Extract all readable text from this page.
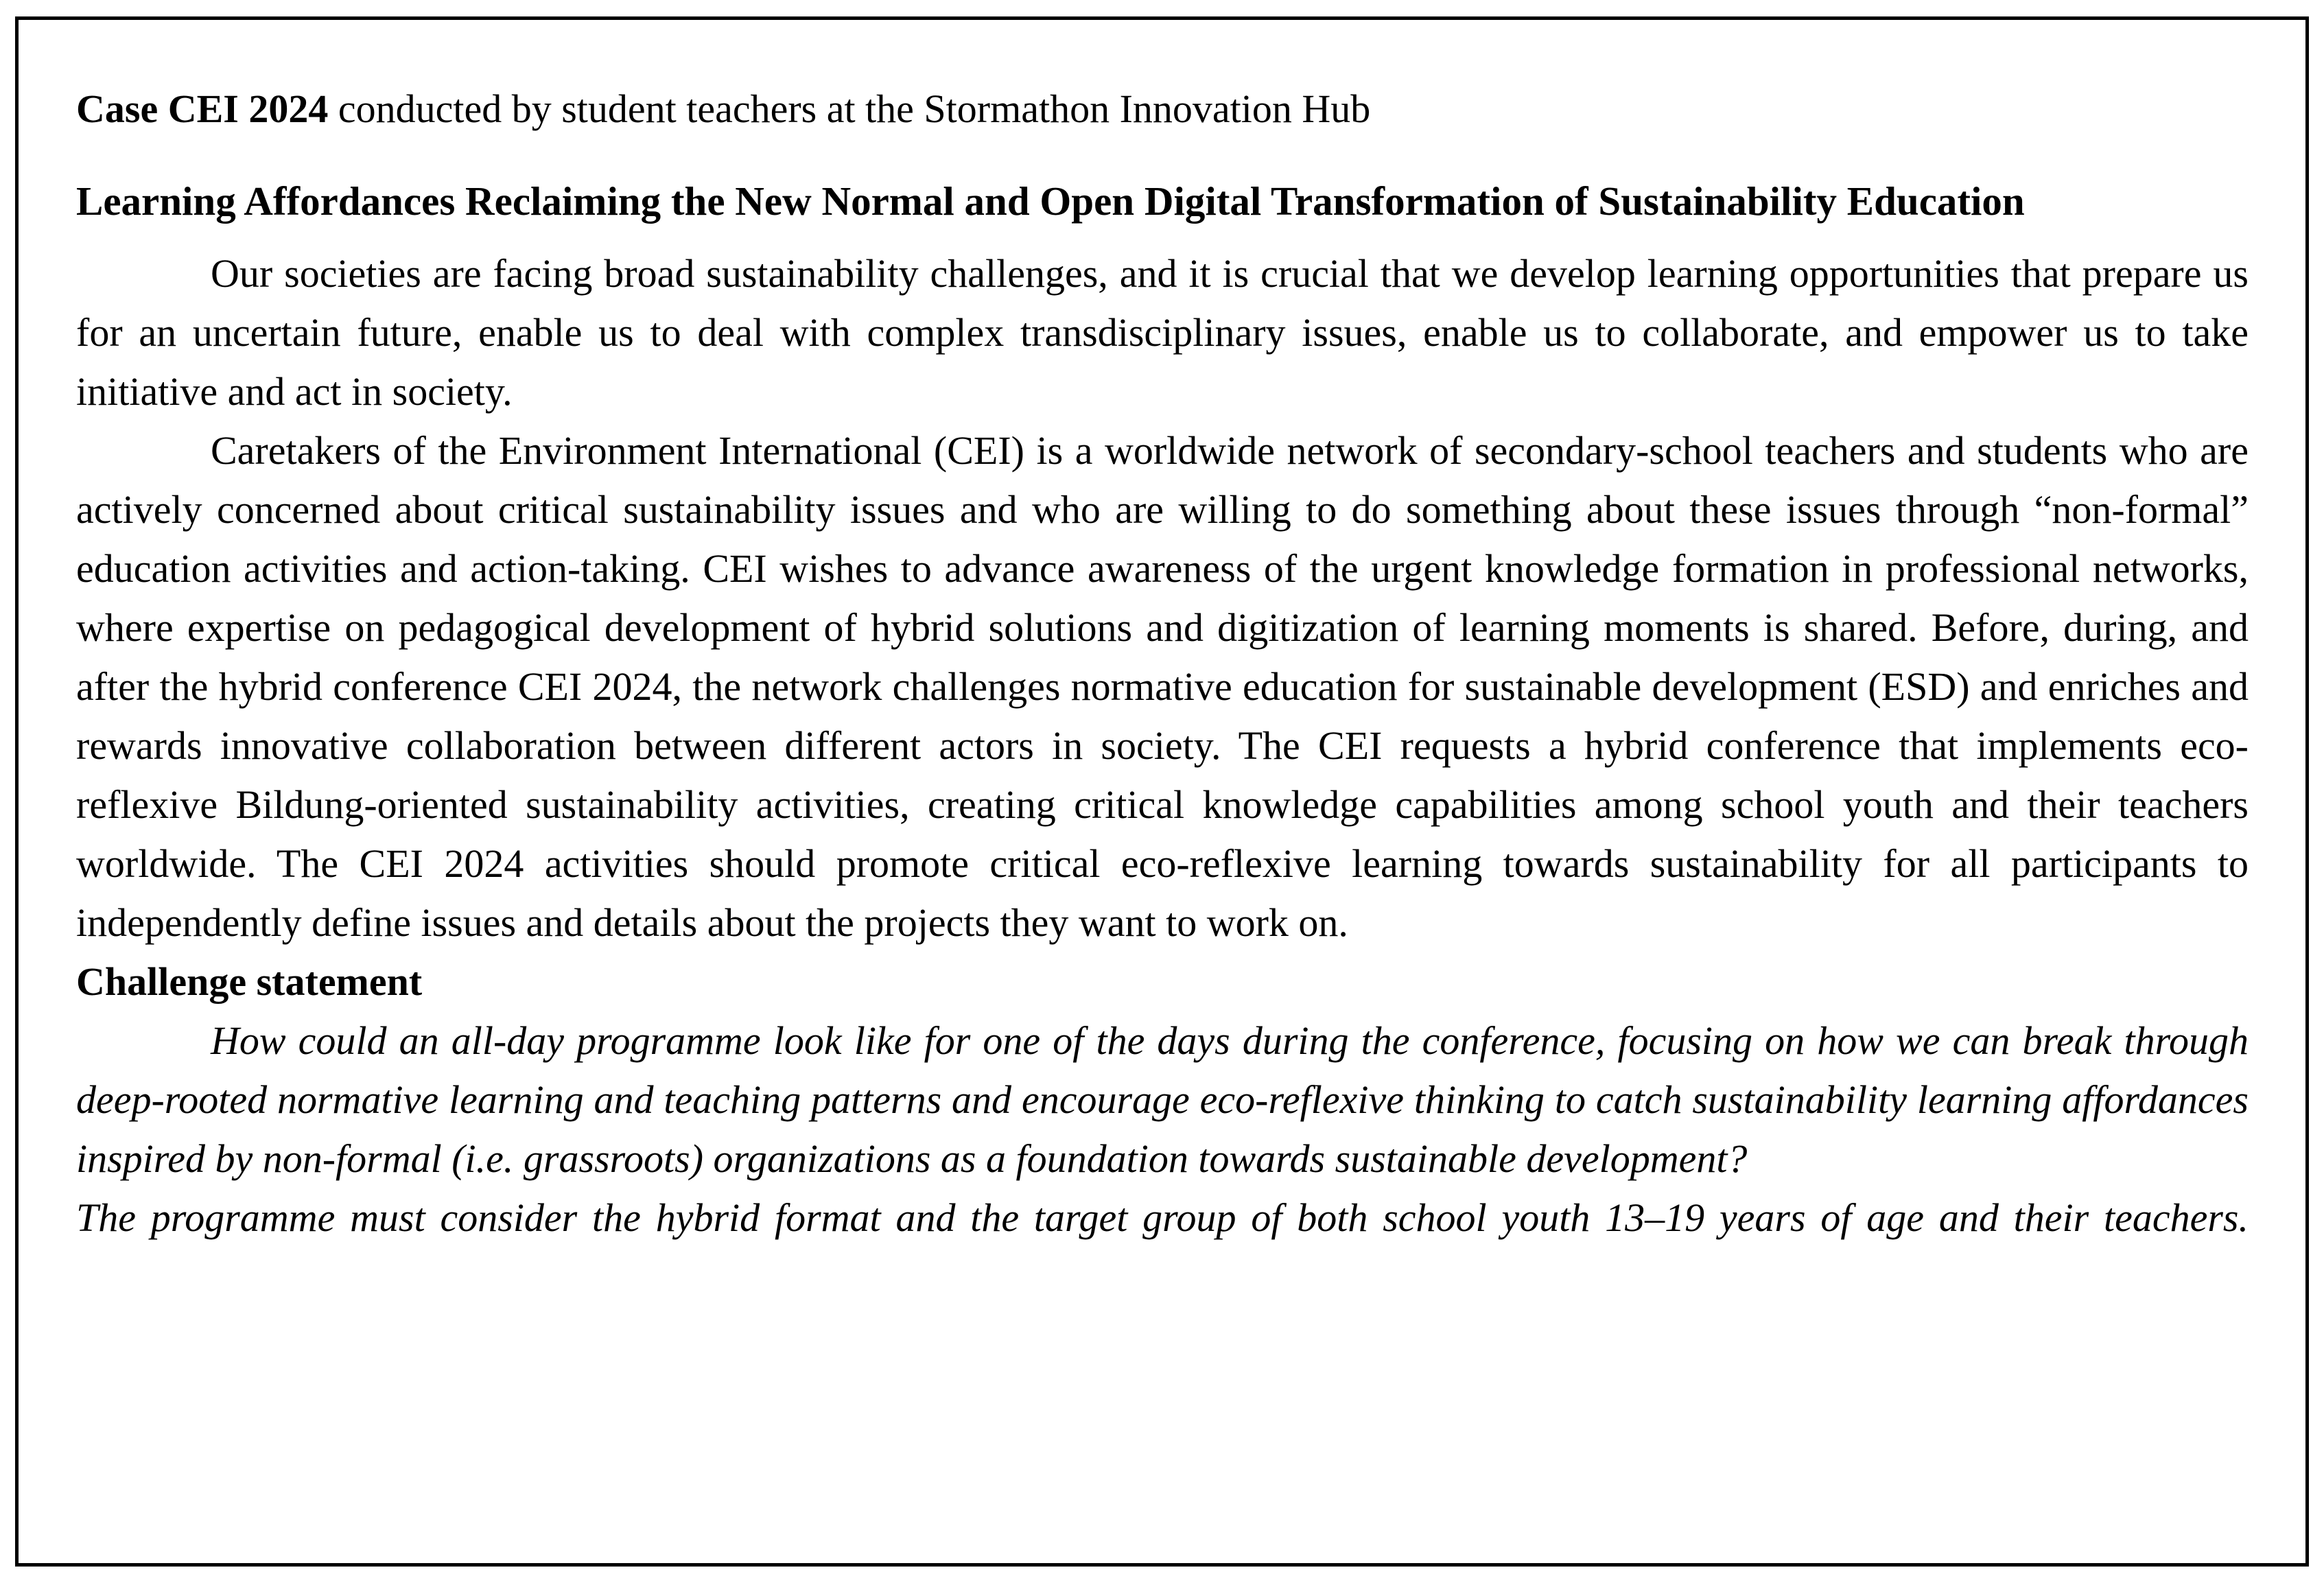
Case CEI 2024 conducted by student teachers at the Stormathon Innovation Hub

Learning Affordances Reclaiming the New Normal and Open Digital Transformation of Sustainability Education

Our societies are facing broad sustainability challenges, and it is crucial that we develop learning opportunities that prepare us for an uncertain future, enable us to deal with complex transdisciplinary issues, enable us to collaborate, and empower us to take initiative and act in society.

Caretakers of the Environment International (CEI) is a worldwide network of secondary-school teachers and students who are actively concerned about critical sustainability issues and who are willing to do something about these issues through “non-formal” education activities and action-taking. CEI wishes to advance awareness of the urgent knowledge formation in professional networks, where expertise on pedagogical development of hybrid solutions and digitization of learning moments is shared. Before, during, and after the hybrid conference CEI 2024, the network challenges normative education for sustainable development (ESD) and enriches and rewards innovative collaboration between different actors in society. The CEI requests a hybrid conference that implements eco-reflexive Bildung-oriented sustainability activities, creating critical knowledge capabilities among school youth and their teachers worldwide. The CEI 2024 activities should promote critical eco-reflexive learning towards sustainability for all participants to independently define issues and details about the projects they want to work on.

Challenge statement

How could an all-day programme look like for one of the days during the conference, focusing on how we can break through deep-rooted normative learning and teaching patterns and encourage eco-reflexive thinking to catch sustainability learning affordances inspired by non-formal (i.e. grassroots) organizations as a foundation towards sustainable development?

The programme must consider the hybrid format and the target group of both school youth 13–19 years of age and their teachers.
